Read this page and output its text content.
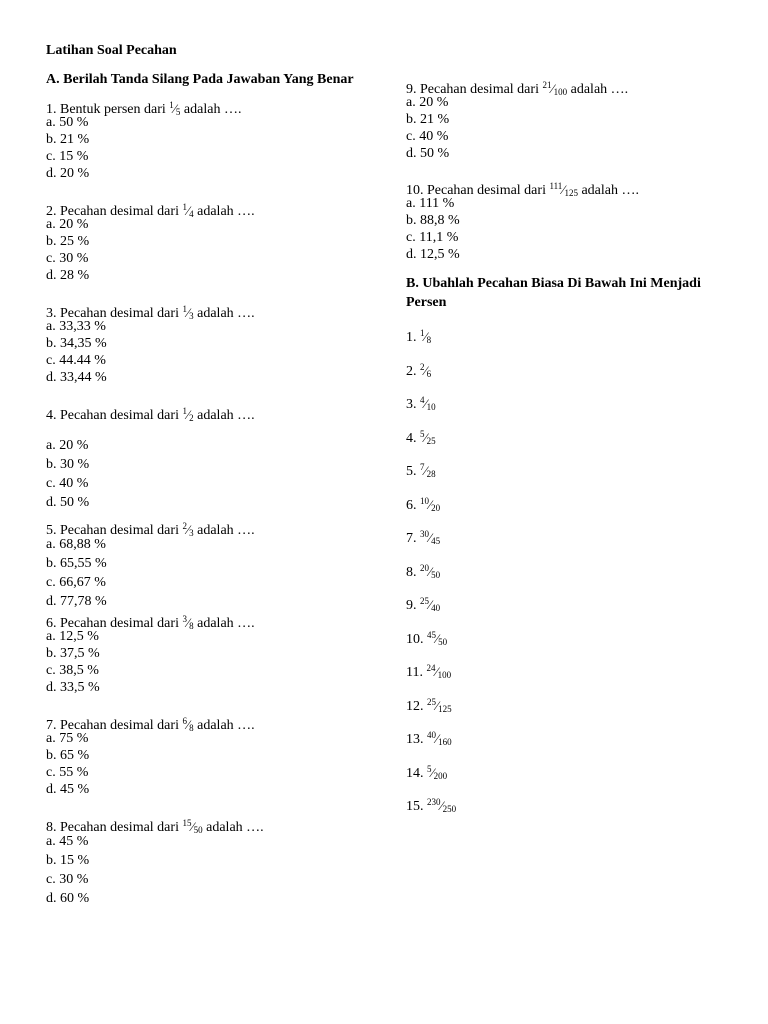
Latihan Soal Pecahan
A. Berilah Tanda Silang Pada Jawaban Yang Benar
1. Bentuk persen dari $^1⁄_5$ adalah ….
a. 50 %
b. 21 %
c. 15 %
d. 20 %
2. Pecahan desimal dari $^1⁄_4$ adalah ….
a. 20 %
b. 25 %
c. 30 %
d. 28 %
3. Pecahan desimal dari $^1⁄_3$ adalah ….
a. 33,33 %
b. 34,35 %
c. 44.44 %
d. 33,44 %
4. Pecahan desimal dari $^1⁄_2$ adalah ….
a. 20 %
b. 30 %
c. 40 %
d. 50 %
5. Pecahan desimal dari $^2⁄_3$ adalah ….
a. 68,88 %
b. 65,55 %
c. 66,67 %
d. 77,78 %
6. Pecahan desimal dari $^3⁄_8$ adalah ….
a. 12,5 %
b. 37,5 %
c. 38,5 %
d. 33,5 %
7. Pecahan desimal dari $^6⁄_8$ adalah ….
a. 75 %
b. 65 %
c. 55 %
d. 45 %
8. Pecahan desimal dari $^{15}⁄_{50}$ adalah ….
a. 45 %
b. 15 %
c. 30 %
d. 60 %
9. Pecahan desimal dari $^{21}⁄_{100}$ adalah ….
a. 20 %
b. 21 %
c. 40 %
d. 50 %
10. Pecahan desimal dari $^{111}⁄_{125}$ adalah ….
a. 111 %
b. 88,8 %
c. 11,1 %
d. 12,5 %
B. Ubahlah Pecahan Biasa Di Bawah Ini Menjadi Persen
1. $^1⁄_8$
2. $^2⁄_6$
3. $^4⁄_{10}$
4. $^5⁄_{25}$
5. $^7⁄_{28}$
6. $^{10}⁄_{20}$
7. $^{30}⁄_{45}$
8. $^{20}⁄_{50}$
9. $^{25}⁄_{40}$
10. $^{45}⁄_{50}$
11. $^{24}⁄_{100}$
12. $^{25}⁄_{125}$
13. $^{40}⁄_{160}$
14. $^5⁄_{200}$
15. $^{230}⁄_{250}$
